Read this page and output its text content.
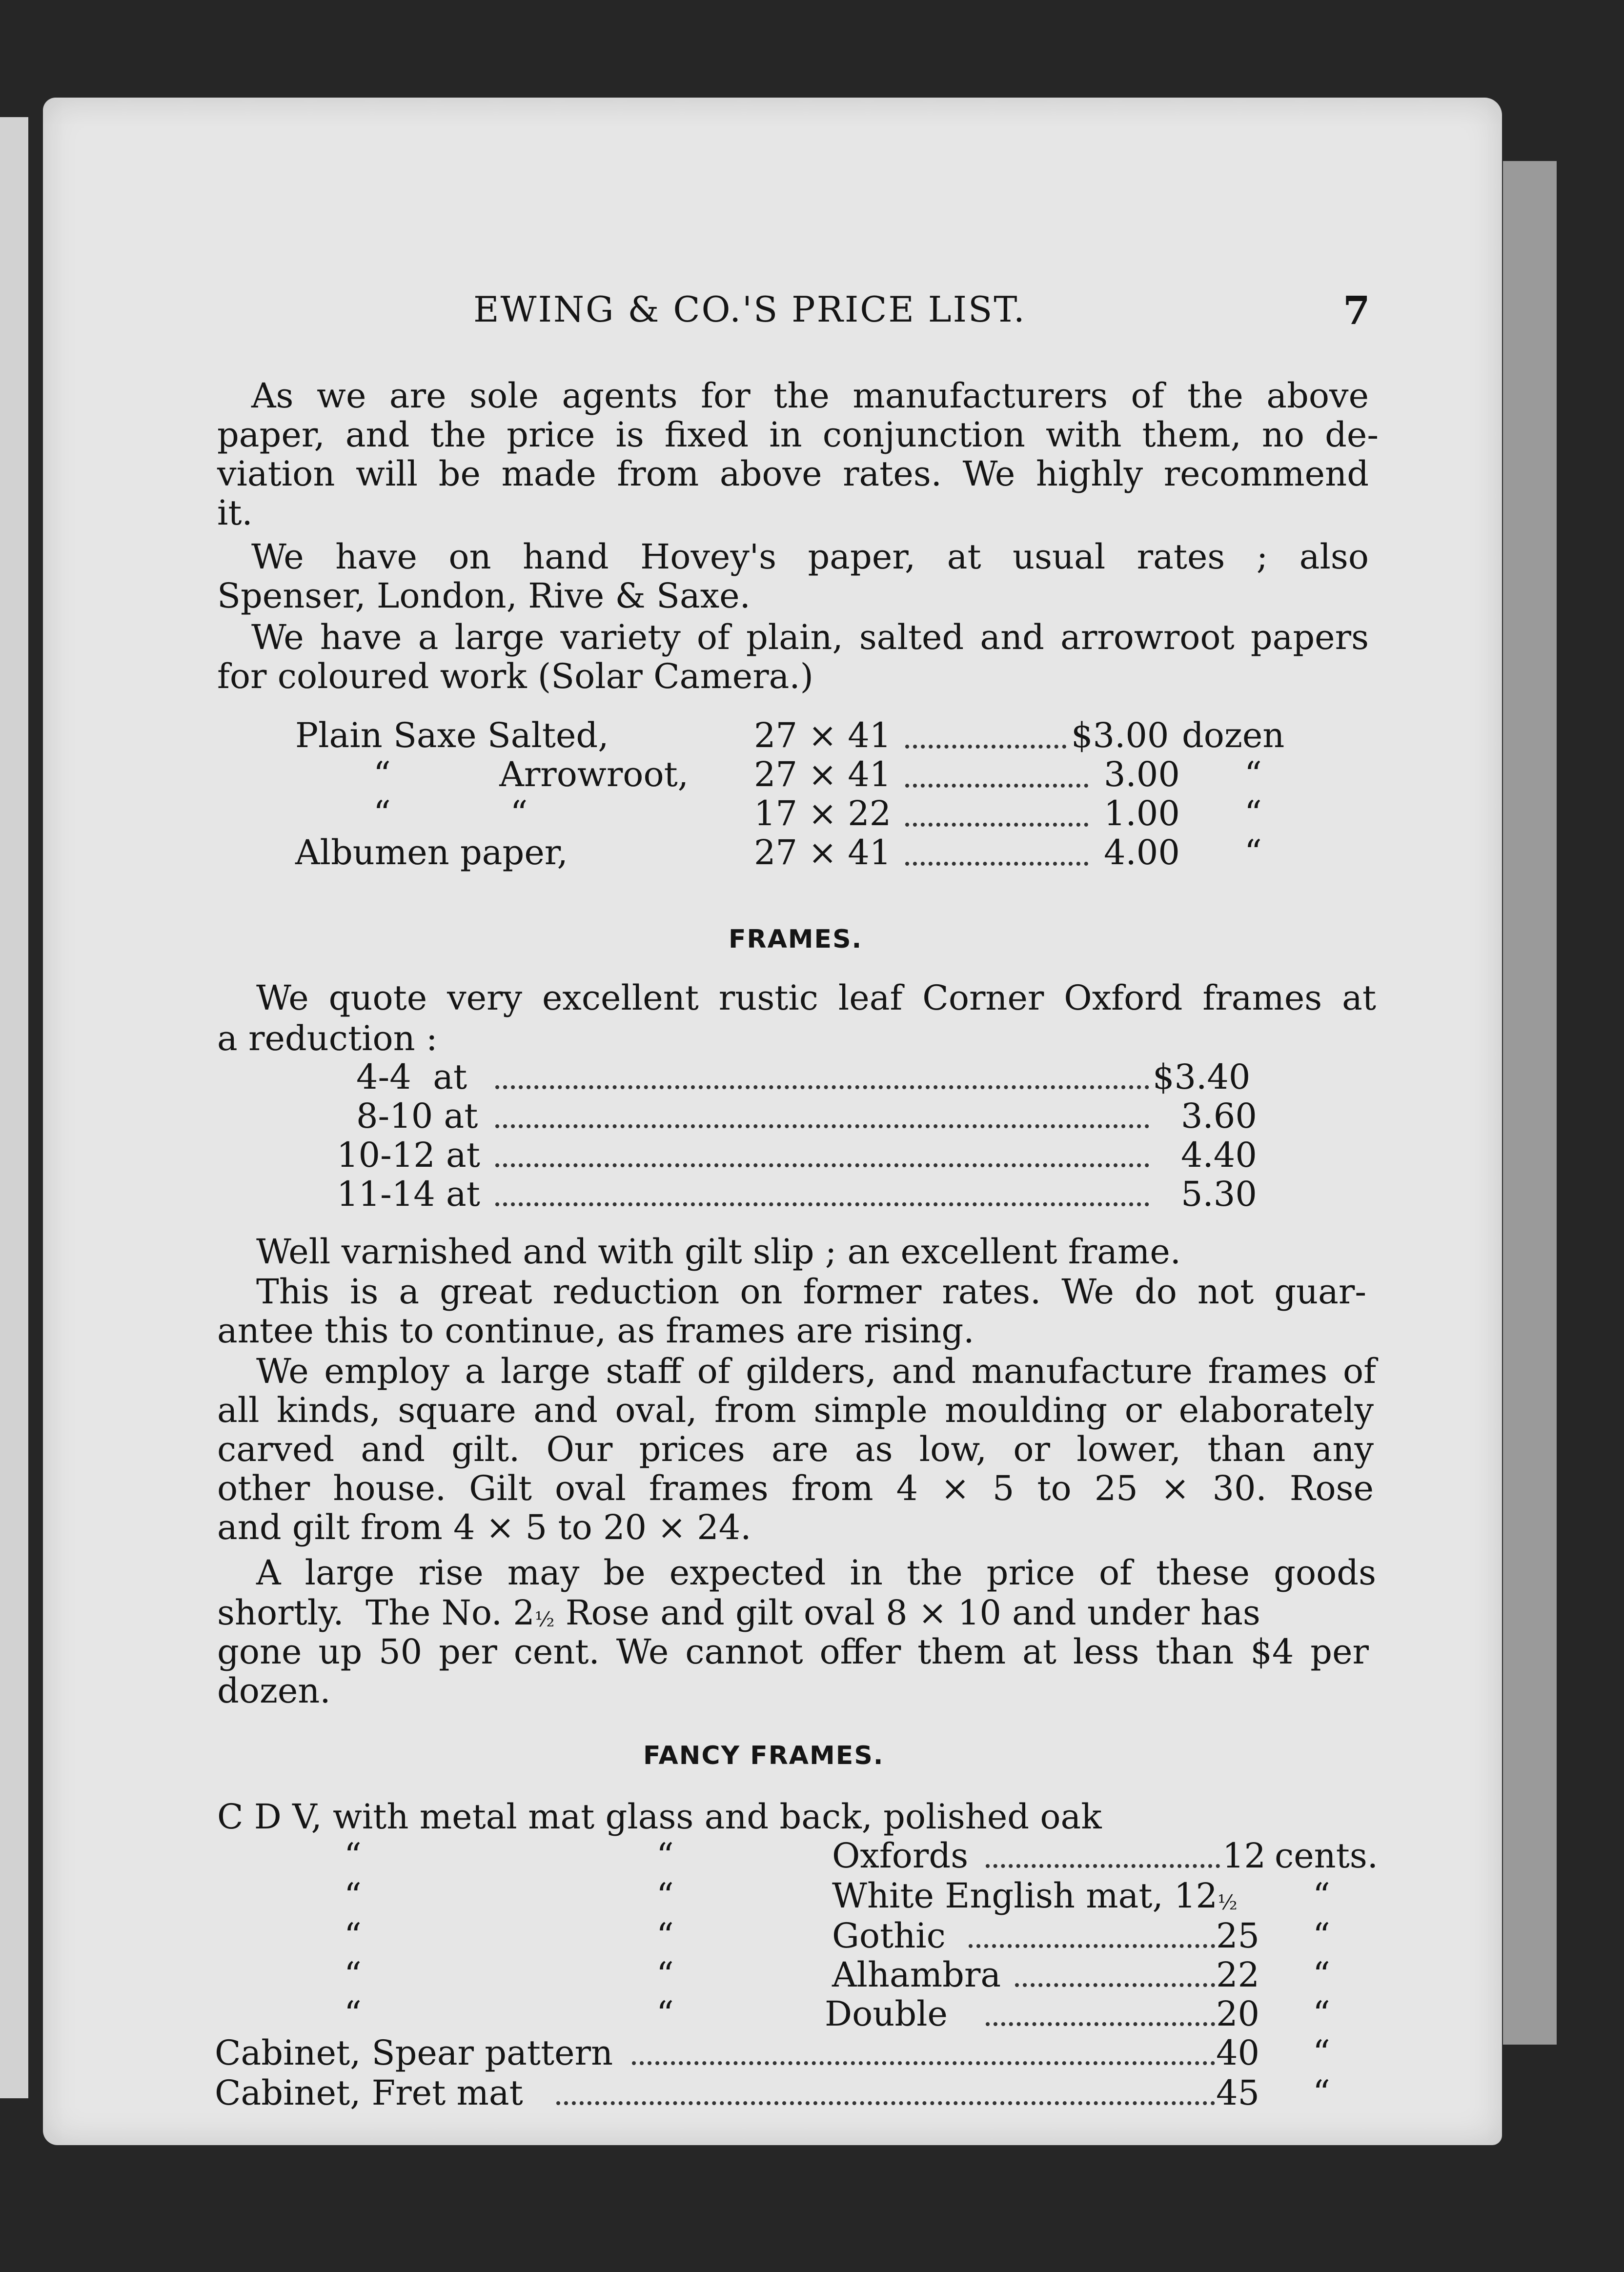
EWING & CO.'S PRICE LIST.	7
As we are sole agents for the manufacturers of the above
paper, and the price is fixed in conjunction with them, no de-
viation will be made from above rates. We highly recommend
it.
We have on hand Hovey's paper, at usual rates ; also
Spenser, London, Rive & Saxe.
We have a large variety of plain, salted and arrowroot papers
for coloured work (Solar Camera.)
Plain Saxe Salted,	27 × 41	$3.00 dozen
“          Arrowroot, 27 × 41	3.00 “
“           “	17 × 22	1.00 “
Albumen paper,	27 × 41	4.00 “
FRAMES.
We quote very excellent rustic leaf Corner Oxford frames at
a reduction :
4-4  at	$3.40
8-10 at	3.60
10-12 at	4.40
11-14 at	5.30
Well varnished and with gilt slip ; an excellent frame.
This is a great reduction on former rates. We do not guar-
antee this to continue, as frames are rising.
We employ a large staff of gilders, and manufacture frames of
all kinds, square and oval, from simple moulding or elaborately
carved and gilt. Our prices are as low, or lower, than any
other house. Gilt oval frames from 4 × 5 to 25 × 30. Rose
and gilt from 4 × 5 to 20 × 24.
A large rise may be expected in the price of these goods
shortly.  The No. 2½ Rose and gilt oval 8 × 10 and under has
gone up 50 per cent. We cannot offer them at less than $4 per
dozen.
FANCY FRAMES.
C D V, with metal mat glass and back, polished oak
“	“	Oxfords	12 cents.
“	“	White English mat, 12½ “
“	“	Gothic	25 “
“	“	Alhambra	22 “
“	“	Double	20 “
Cabinet, Spear pattern	40 “
Cabinet, Fret mat	45 “
